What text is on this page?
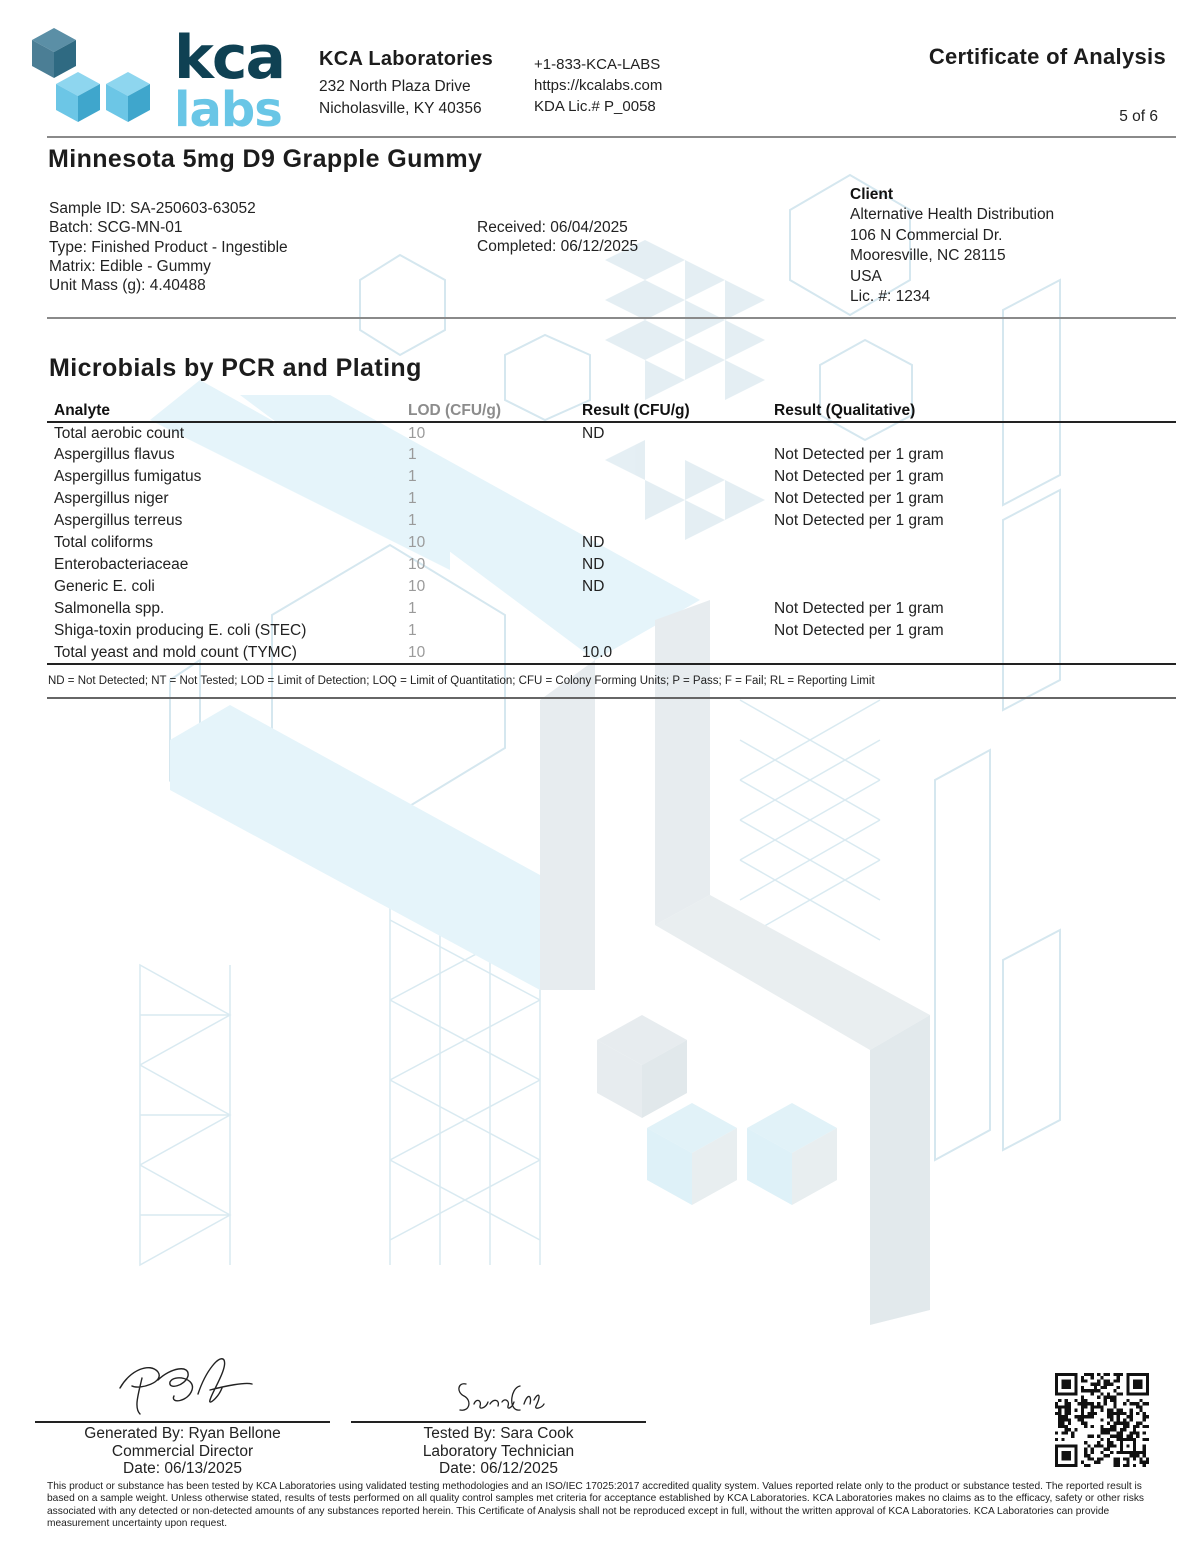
kca
labs
KCA Laboratories
232 North Plaza Drive
Nicholasville, KY 40356
+1-833-KCA-LABS
https://kcalabs.com
KDA Lic.# P_0058
Certificate of Analysis
5 of 6
Minnesota 5mg D9 Grapple Gummy
Sample ID: SA-250603-63052
Batch: SCG-MN-01
Type: Finished Product - Ingestible
Matrix: Edible - Gummy
Unit Mass (g): 4.40488
Received: 06/04/2025
Completed: 06/12/2025
Client
Alternative Health Distribution
106 N Commercial Dr.
Mooresville, NC 28115
USA
Lic. #: 1234
Microbials by PCR and Plating
Analyte	LOD (CFU/g)	Result (CFU/g)	Result (Qualitative)
Total aerobic count	10	ND	
Aspergillus flavus	1		Not Detected per 1 gram
Aspergillus fumigatus	1		Not Detected per 1 gram
Aspergillus niger	1		Not Detected per 1 gram
Aspergillus terreus	1		Not Detected per 1 gram
Total coliforms	10	ND	
Enterobacteriaceae	10	ND	
Generic E. coli	10	ND	
Salmonella spp.	1		Not Detected per 1 gram
Shiga-toxin producing E. coli (STEC)	1		Not Detected per 1 gram
Total yeast and mold count (TYMC)	10	10.0	
ND = Not Detected; NT = Not Tested; LOD = Limit of Detection; LOQ = Limit of Quantitation; CFU = Colony Forming Units; P = Pass; F = Fail; RL = Reporting Limit
Generated By: Ryan Bellone
Commercial Director
Date: 06/13/2025
Tested By: Sara Cook
Laboratory Technician
Date: 06/12/2025
This product or substance has been tested by KCA Laboratories using validated testing methodologies and an ISO/IEC 17025:2017 accredited quality system. Values reported relate only to the product or substance tested. The reported result is based on a sample weight. Unless otherwise stated, results of tests performed on all quality control samples met criteria for acceptance established by KCA Laboratories. KCA Laboratories makes no claims as to the efficacy, safety or other risks associated with any detected or non-detected amounts of any substances reported herein. This Certificate of Analysis shall not be reproduced except in full, without the written approval of KCA Laboratories. KCA Laboratories can provide measurement uncertainty upon request.
